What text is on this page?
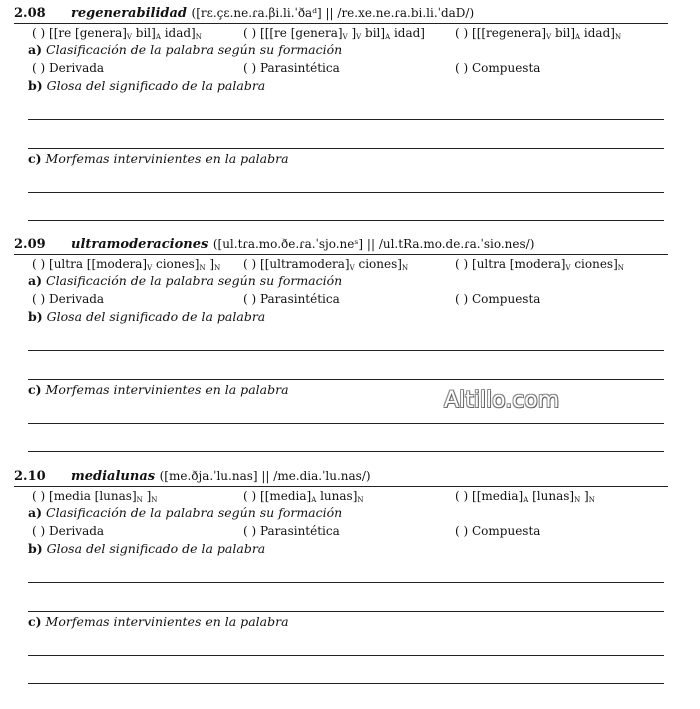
2.08 regenerabilidad ([rɛ.çɛ.ne.ɾa.βi.li.ˈðaᵈ] || /re.xe.ne.ɾa.bi.li.ˈdaD/)
( ) [[re $[genera]_V$ $bil]_A$ $idad]_N$	( ) [[[re $[genera]_V$ ]$_V$ $bil]_A$ idad]	( ) [[$[regenera]_V$ $bil]_A$ $idad]_N$
a) Clasificación de la palabra según su formación
( ) Derivada	( ) Parasintética	( ) Compuesta
b) Glosa del significado de la palabra
c) Morfemas intervinientes en la palabra
2.09 ultramoderaciones ([ul.tɾa.mo.ðe.ɾa.ˈsjo.neˢ] || /ul.tRa.mo.de.ɾa.ˈsio.nes/)
( ) [ultra [$[modera]_V$ $ciones]_N$ ]$_N$ ( ) [$[ultramodera]_V$ $ciones]_N$	( ) [ultra $[modera]_V$ $ciones]_N$
a) Clasificación de la palabra según su formación
( ) Derivada	( ) Parasintética	( ) Compuesta
b) Glosa del significado de la palabra
c) Morfemas intervinientes en la palabra
2.10 medialunas ([me.ðja.ˈlu.nas] || /me.dia.ˈlu.nas/)
( ) [media $[lunas]_N$ ]$_N$	( ) [$[media]_A$ $lunas]_N$	( ) [$[media]_A$ $[lunas]_N$ ]$_N$
a) Clasificación de la palabra según su formación
( ) Derivada	( ) Parasintética	( ) Compuesta
b) Glosa del significado de la palabra
c) Morfemas intervinientes en la palabra
Altillo.com
